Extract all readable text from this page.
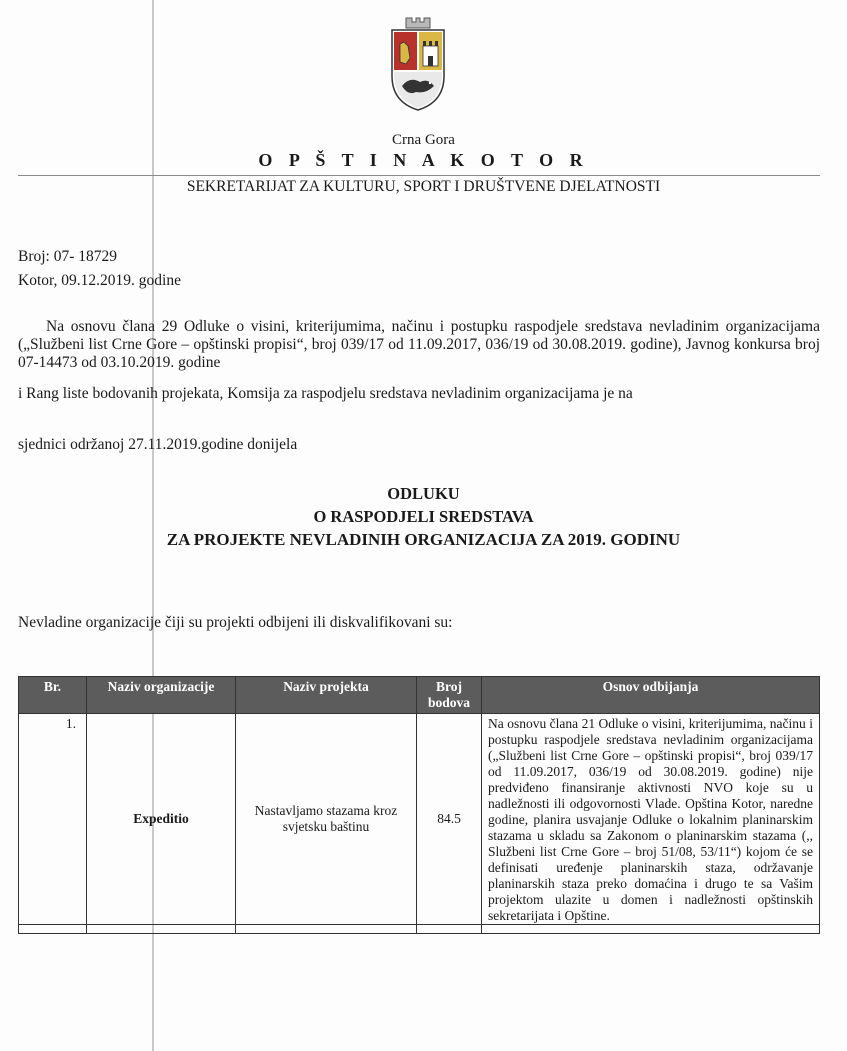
Crna Gora
O P Š T I N A K O T O R
SEKRETARIJAT ZA KULTURU, SPORT I DRUŠTVENE DJELATNOSTI
Broj: 07- 18729
Kotor, 09.12.2019. godine
Na osnovu člana 29 Odluke o visini, kriterijumima, načinu i postupku raspodjele sredstava nevladinim organizacijama („Službeni list Crne Gore – opštinski propisi“, broj 039/17 od 11.09.2017, 036/19 od 30.08.2019. godine), Javnog konkursa broj 07-14473 od 03.10.2019. godine
i Rang liste bodovanih projekata, Komsija za raspodjelu sredstava nevladinim organizacijama je na
sjednici održanoj 27.11.2019.godine donijela
ODLUKU
O RASPODJELI SREDSTAVA
ZA PROJEKTE NEVLADINIH ORGANIZACIJA ZA 2019. GODINU
Nevladine organizacije čiji su projekti odbijeni ili diskvalifikovani su:
Br.	Naziv organizacije	Naziv projekta	Broj bodova	Osnov odbijanja
1.	Expeditio	Nastavljamo stazama kroz svjetsku baštinu	84.5	Na osnovu člana 21 Odluke o visini, kriterijumima, načinu i postupku raspodjele sredstava nevladinim organizacijama („Službeni list Crne Gore – opštinski propisi“, broj 039/17 od 11.09.2017, 036/19 od 30.08.2019. godine) nije predviđeno finansiranje aktivnosti NVO koje su u nadležnosti ili odgovornosti Vlade. Opština Kotor, naredne godine, planira usvajanje Odluke o lokalnim planinarskim stazama u skladu sa Zakonom o planinarskim stazama (,, Službeni list Crne Gore – broj 51/08, 53/11“) kojom će se definisati uređenje planinarskih staza, održavanje planinarskih staza preko domaćina i drugo te sa Vašim projektom ulazite u domen i nadležnosti opštinskih sekretarijata i Opštine.
